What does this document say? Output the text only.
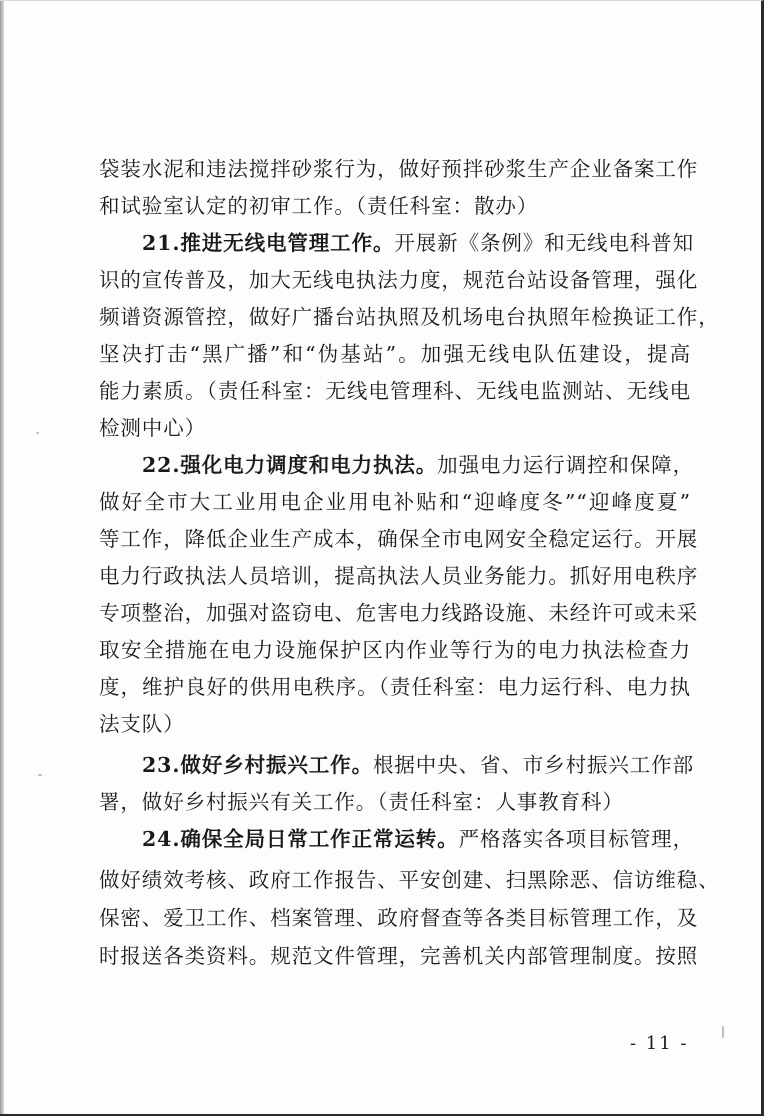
袋装水泥和违法搅拌砂浆行为，做好预拌砂浆生产企业备案工作
和试验室认定的初审工作。（责任科室：散办）
21.推进无线电管理工作。开展新《条例》和无线电科普知
识的宣传普及，加大无线电执法力度，规范台站设备管理，强化
频谱资源管控，做好广播台站执照及机场电台执照年检换证工作，
坚决打击“黑广播”和“伪基站”。加强无线电队伍建设，提高
能力素质。（责任科室：无线电管理科、无线电监测站、无线电
检测中心）
22.强化电力调度和电力执法。加强电力运行调控和保障，
做好全市大工业用电企业用电补贴和“迎峰度冬”“迎峰度夏”
等工作，降低企业生产成本，确保全市电网安全稳定运行。开展
电力行政执法人员培训，提高执法人员业务能力。抓好用电秩序
专项整治，加强对盗窃电、危害电力线路设施、未经许可或未采
取安全措施在电力设施保护区内作业等行为的电力执法检查力
度，维护良好的供用电秩序。（责任科室：电力运行科、电力执
法支队）
23.做好乡村振兴工作。根据中央、省、市乡村振兴工作部
署，做好乡村振兴有关工作。（责任科室：人事教育科）
24.确保全局日常工作正常运转。严格落实各项目标管理，
做好绩效考核、政府工作报告、平安创建、扫黑除恶、信访维稳、
保密、爱卫工作、档案管理、政府督查等各类目标管理工作，及
时报送各类资料。规范文件管理，完善机关内部管理制度。按照
- 11 -
